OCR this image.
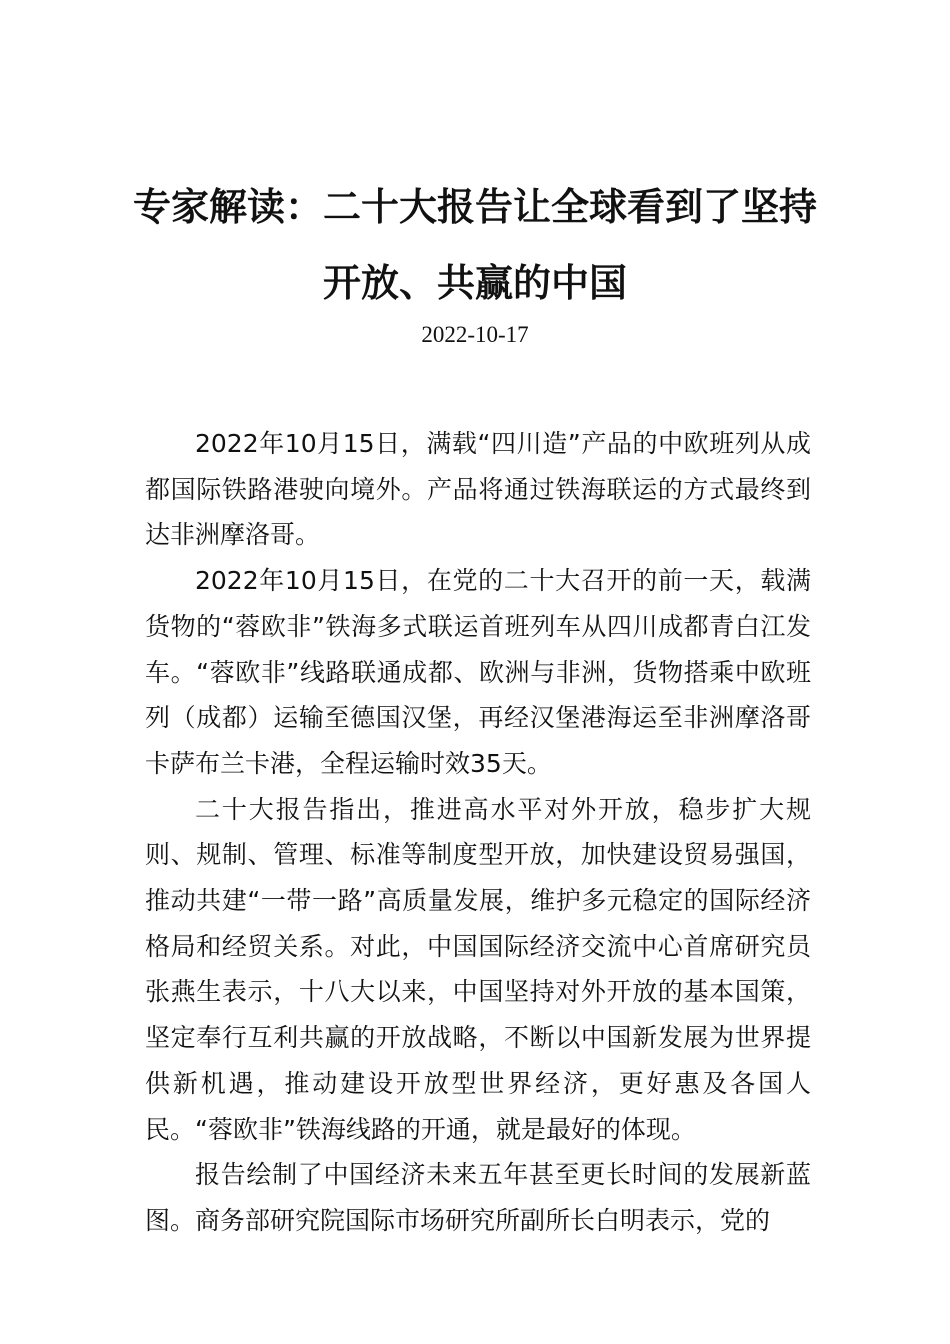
专家解读：二十大报告让全球看到了坚持
开放、共赢的中国
2022-10-17

2022年10月15日，满载“四川造”产品的中欧班列从成都国际铁路港驶向境外。产品将通过铁海联运的方式最终到达非洲摩洛哥。

2022年10月15日，在党的二十大召开的前一天，载满货物的“蓉欧非”铁海多式联运首班列车从四川成都青白江发车。“蓉欧非”线路联通成都、欧洲与非洲，货物搭乘中欧班列（成都）运输至德国汉堡，再经汉堡港海运至非洲摩洛哥卡萨布兰卡港，全程运输时效35天。

二十大报告指出，推进高水平对外开放，稳步扩大规则、规制、管理、标准等制度型开放，加快建设贸易强国，推动共建“一带一路”高质量发展，维护多元稳定的国际经济格局和经贸关系。对此，中国国际经济交流中心首席研究员张燕生表示，十八大以来，中国坚持对外开放的基本国策，坚定奉行互利共赢的开放战略，不断以中国新发展为世界提供新机遇，推动建设开放型世界经济，更好惠及各国人民。“蓉欧非”铁海线路的开通，就是最好的体现。

报告绘制了中国经济未来五年甚至更长时间的发展新蓝图。商务部研究院国际市场研究所副所长白明表示，党的
